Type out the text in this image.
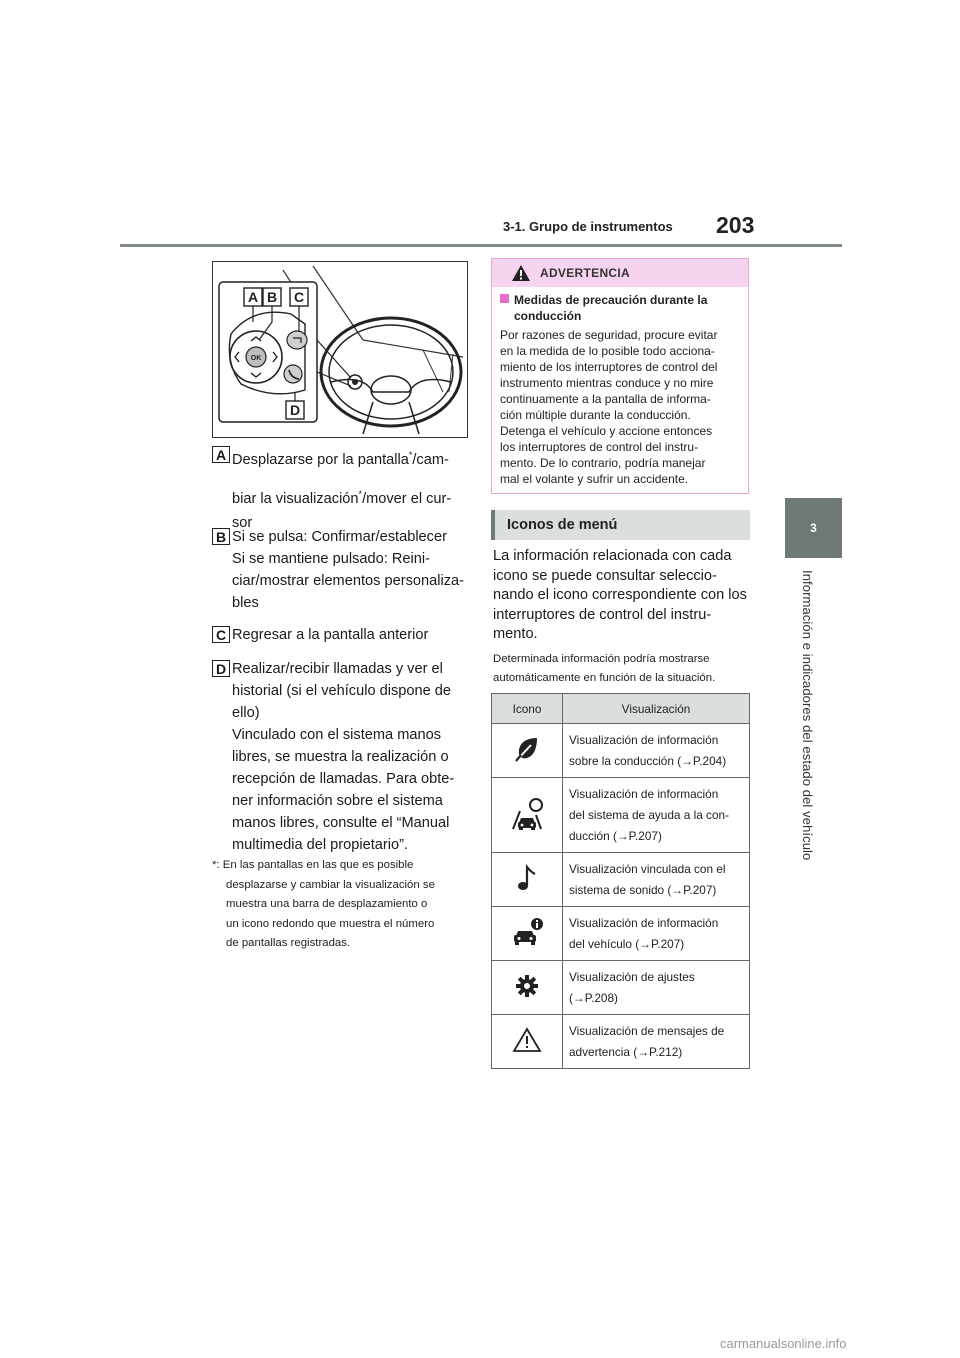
3-1. Grupo de instrumentos 203
3
Información e indicadores del estado del vehículo
OK
A B C
D
A Desplazarse por la pantalla*/cam-

biar la visualización*/mover el cur-

sor

B Si se pulsa: Confirmar/establecer

Si se mantiene pulsado: Reini-

ciar/mostrar elementos personaliza-

bles

C Regresar a la pantalla anterior

D Realizar/recibir llamadas y ver el

historial (si el vehículo dispone de

ello)

Vinculado con el sistema manos

libres, se muestra la realización o

recepción de llamadas. Para obte-

ner información sobre el sistema

manos libres, consulte el “Manual

multimedia del propietario”.

*: En las pantallas en las que es posible

desplazarse y cambiar la visualización se

muestra una barra de desplazamiento o

un icono redondo que muestra el número

de pantallas registradas.

ADVERTENCIA
Medidas de precaución durante la
conducción
Por razones de seguridad, procure evitar
en la medida de lo posible todo acciona-
miento de los interruptores de control del
instrumento mientras conduce y no mire
continuamente a la pantalla de informa-
ción múltiple durante la conducción.
Detenga el vehículo y accione entonces
los interruptores de control del instru-
mento. De lo contrario, podría manejar
mal el volante y sufrir un accidente.
Iconos de menú
La información relacionada con cada
icono se puede consultar seleccio-
nando el icono correspondiente con los
interruptores de control del instru-
mento.
Determinada información podría mostrarse
automáticamente en función de la situación.
Icono	Visualización

Visualización de información
sobre la conducción (→P.204)

Visualización de información
del sistema de ayuda a la con-
ducción (→P.207)

Visualización vinculada con el
sistema de sonido (→P.207)

Visualización de información
del vehículo (→P.207)

Visualización de ajustes
(→P.208)

Visualización de mensajes de
advertencia (→P.212)
carmanualsonline.info
